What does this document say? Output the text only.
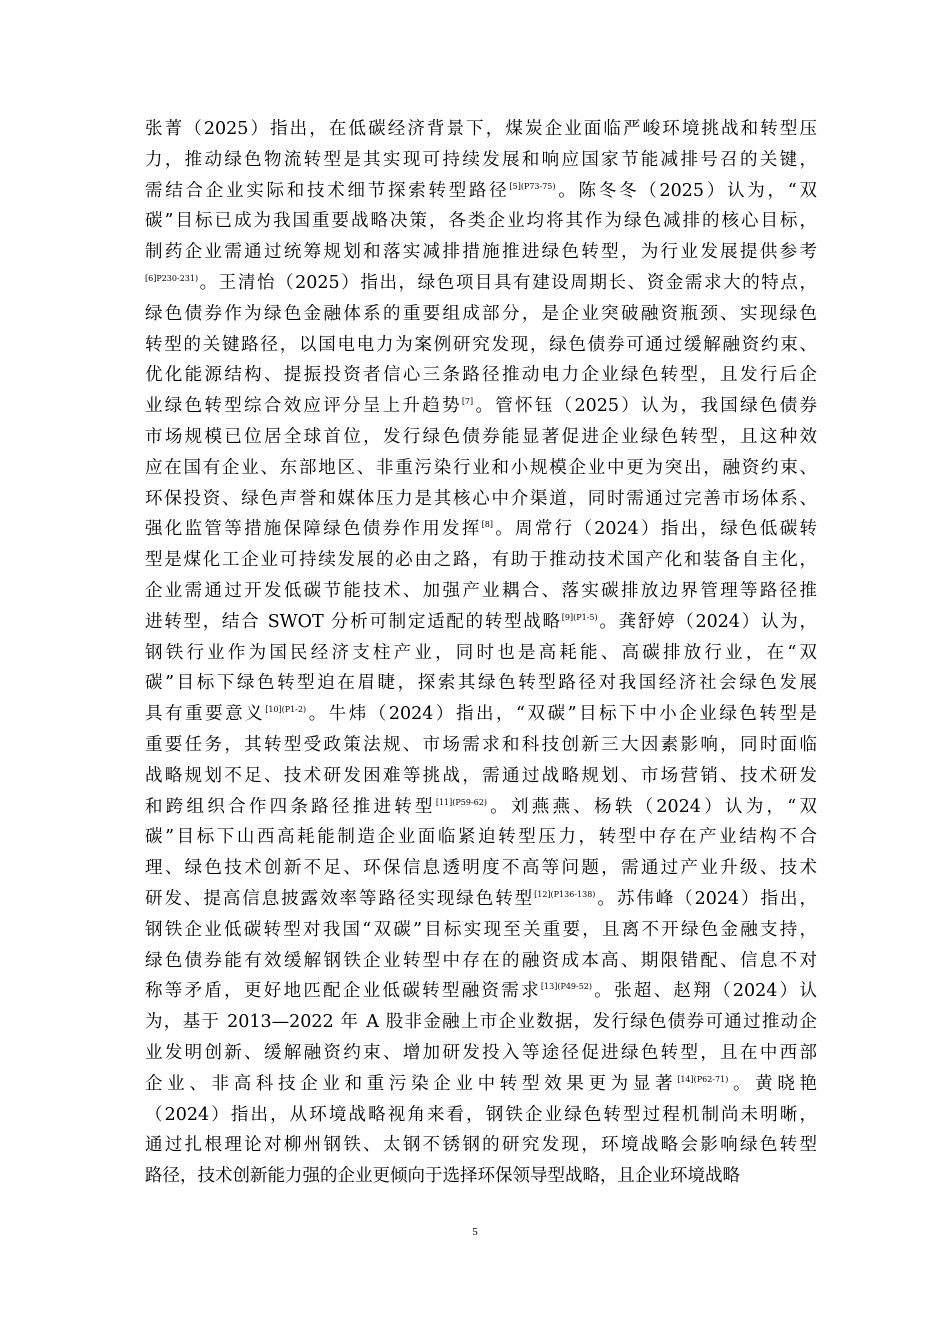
张菁（2025）指出，在低碳经济背景下，煤炭企业面临严峻环境挑战和转型压
力，推动绿色物流转型是其实现可持续发展和响应国家节能减排号召的关键，
需结合企业实际和技术细节探索转型路径$^{[5](P73-75)}$。陈冬冬（2025）认为，“双
碳”目标已成为我国重要战略决策，各类企业均将其作为绿色减排的核心目标，
制药企业需通过统筹规划和落实减排措施推进绿色转型，为行业发展提供参考
$^{[6]P230-231)}$。王清怡（2025）指出，绿色项目具有建设周期长、资金需求大的特点，
绿色债券作为绿色金融体系的重要组成部分，是企业突破融资瓶颈、实现绿色
转型的关键路径，以国电电力为案例研究发现，绿色债券可通过缓解融资约束、
优化能源结构、提振投资者信心三条路径推动电力企业绿色转型，且发行后企
业绿色转型综合效应评分呈上升趋势[7]。管怀钰（2025）认为，我国绿色债券
市场规模已位居全球首位，发行绿色债券能显著促进企业绿色转型，且这种效
应在国有企业、东部地区、非重污染行业和小规模企业中更为突出，融资约束、
环保投资、绿色声誉和媒体压力是其核心中介渠道，同时需通过完善市场体系、
强化监管等措施保障绿色债券作用发挥[8]。周常行（2024）指出，绿色低碳转
型是煤化工企业可持续发展的必由之路，有助于推动技术国产化和装备自主化，
企业需通过开发低碳节能技术、加强产业耦合、落实碳排放边界管理等路径推
进转型，结合 SWOT 分析可制定适配的转型战略$^{[9](P1-5)}$。龚舒婷（2024）认为，
钢铁行业作为国民经济支柱产业，同时也是高耗能、高碳排放行业，在“双
碳”目标下绿色转型迫在眉睫，探索其绿色转型路径对我国经济社会绿色发展
具有重要意义$^{[10](P1-2)}$。牛炜（2024）指出，“双碳”目标下中小企业绿色转型是
重要任务，其转型受政策法规、市场需求和科技创新三大因素影响，同时面临
战略规划不足、技术研发困难等挑战，需通过战略规划、市场营销、技术研发
和跨组织合作四条路径推进转型$^{[11](P59-62)}$。刘燕燕、杨轶（2024）认为，“双
碳”目标下山西高耗能制造企业面临紧迫转型压力，转型中存在产业结构不合
理、绿色技术创新不足、环保信息透明度不高等问题，需通过产业升级、技术
研发、提高信息披露效率等路径实现绿色转型$^{[12](P136-138)}$。苏伟峰（2024）指出，
钢铁企业低碳转型对我国“双碳”目标实现至关重要，且离不开绿色金融支持，
绿色债券能有效缓解钢铁企业转型中存在的融资成本高、期限错配、信息不对
称等矛盾，更好地匹配企业低碳转型融资需求$^{[13](P49-52)}$。张超、赵翔（2024）认
为，基于 2013—2022 年 A 股非金融上市企业数据，发行绿色债券可通过推动企
业发明创新、缓解融资约束、增加研发投入等途径促进绿色转型，且在中西部
企业、非高科技企业和重污染企业中转型效果更为显著$^{[14](P62-71)}$。黄晓艳
（2024）指出，从环境战略视角来看，钢铁企业绿色转型过程机制尚未明晰，
通过扎根理论对柳州钢铁、太钢不锈钢的研究发现，环境战略会影响绿色转型
路径，技术创新能力强的企业更倾向于选择环保领导型战略，且企业环境战略
5
